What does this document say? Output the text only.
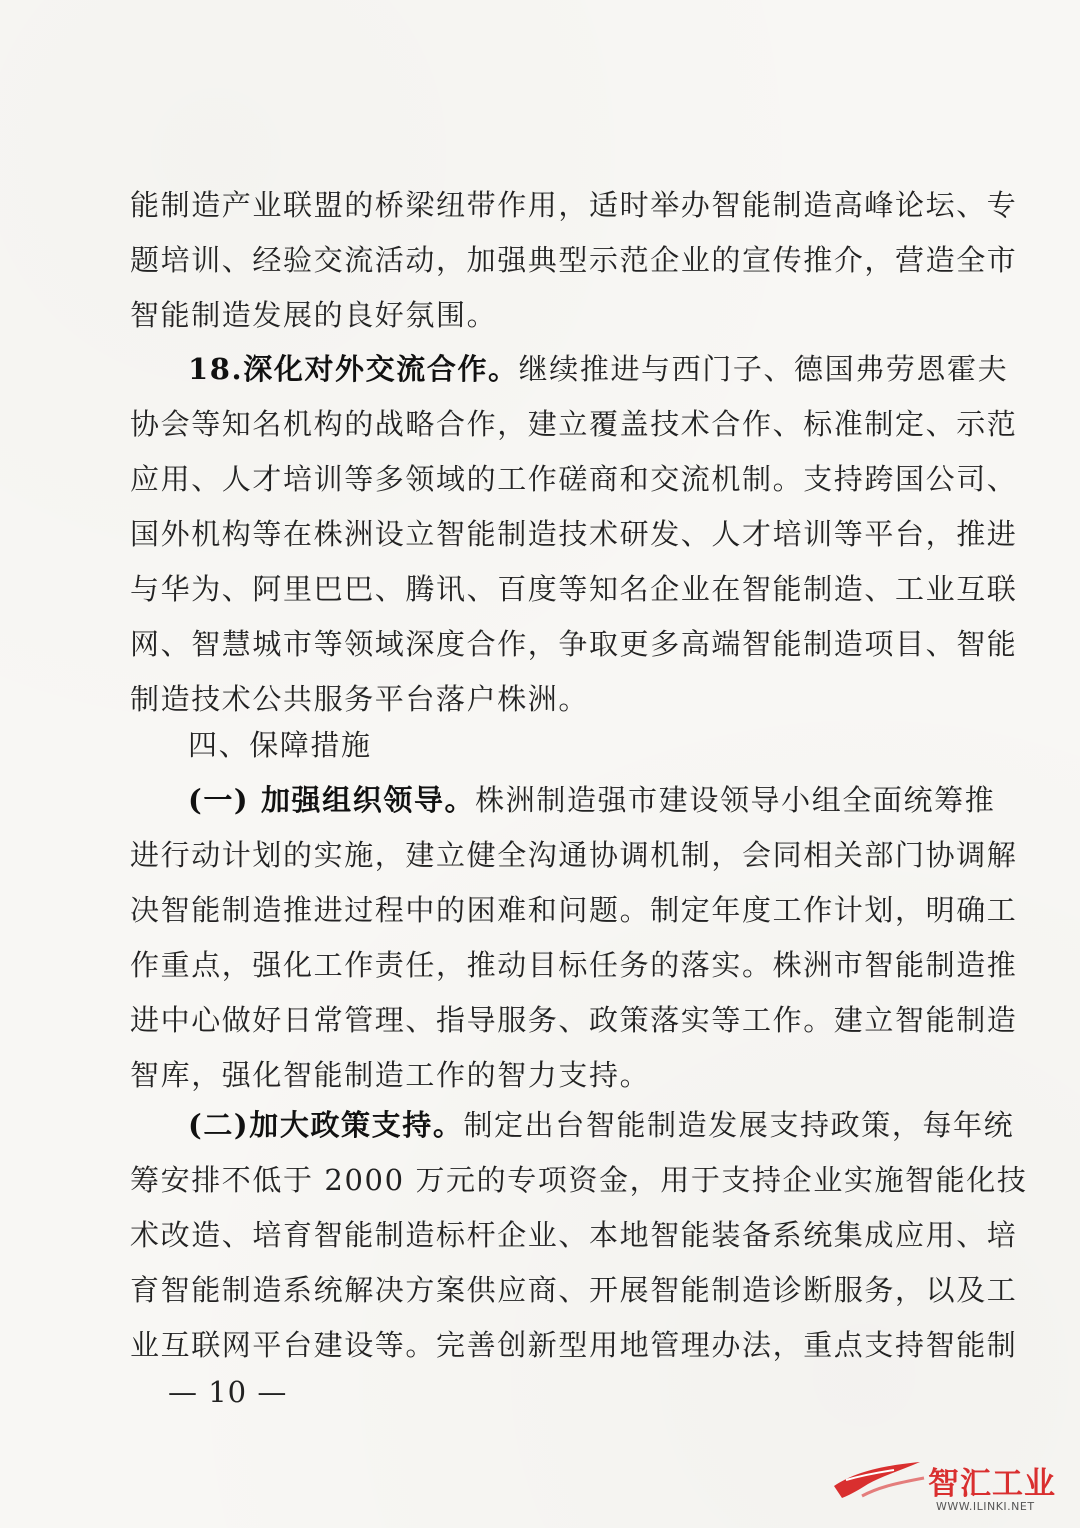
能制造产业联盟的桥梁纽带作用，适时举办智能制造高峰论坛、专
题培训、经验交流活动，加强典型示范企业的宣传推介，营造全市
智能制造发展的良好氛围。
18.深化对外交流合作。继续推进与西门子、德国弗劳恩霍夫
协会等知名机构的战略合作，建立覆盖技术合作、标准制定、示范
应用、人才培训等多领域的工作磋商和交流机制。支持跨国公司、
国外机构等在株洲设立智能制造技术研发、人才培训等平台，推进
与华为、阿里巴巴、腾讯、百度等知名企业在智能制造、工业互联
网、智慧城市等领域深度合作，争取更多高端智能制造项目、智能
制造技术公共服务平台落户株洲。
四、保障措施
(一) 加强组织领导。株洲制造强市建设领导小组全面统筹推
进行动计划的实施，建立健全沟通协调机制，会同相关部门协调解
决智能制造推进过程中的困难和问题。制定年度工作计划，明确工
作重点，强化工作责任，推动目标任务的落实。株洲市智能制造推
进中心做好日常管理、指导服务、政策落实等工作。建立智能制造
智库，强化智能制造工作的智力支持。
(二)加大政策支持。制定出台智能制造发展支持政策，每年统
筹安排不低于 2000 万元的专项资金，用于支持企业实施智能化技
术改造、培育智能制造标杆企业、本地智能装备系统集成应用、培
育智能制造系统解决方案供应商、开展智能制造诊断服务，以及工
业互联网平台建设等。完善创新型用地管理办法，重点支持智能制
— 10 —
智汇工业
WWW.ILINKI.NET
